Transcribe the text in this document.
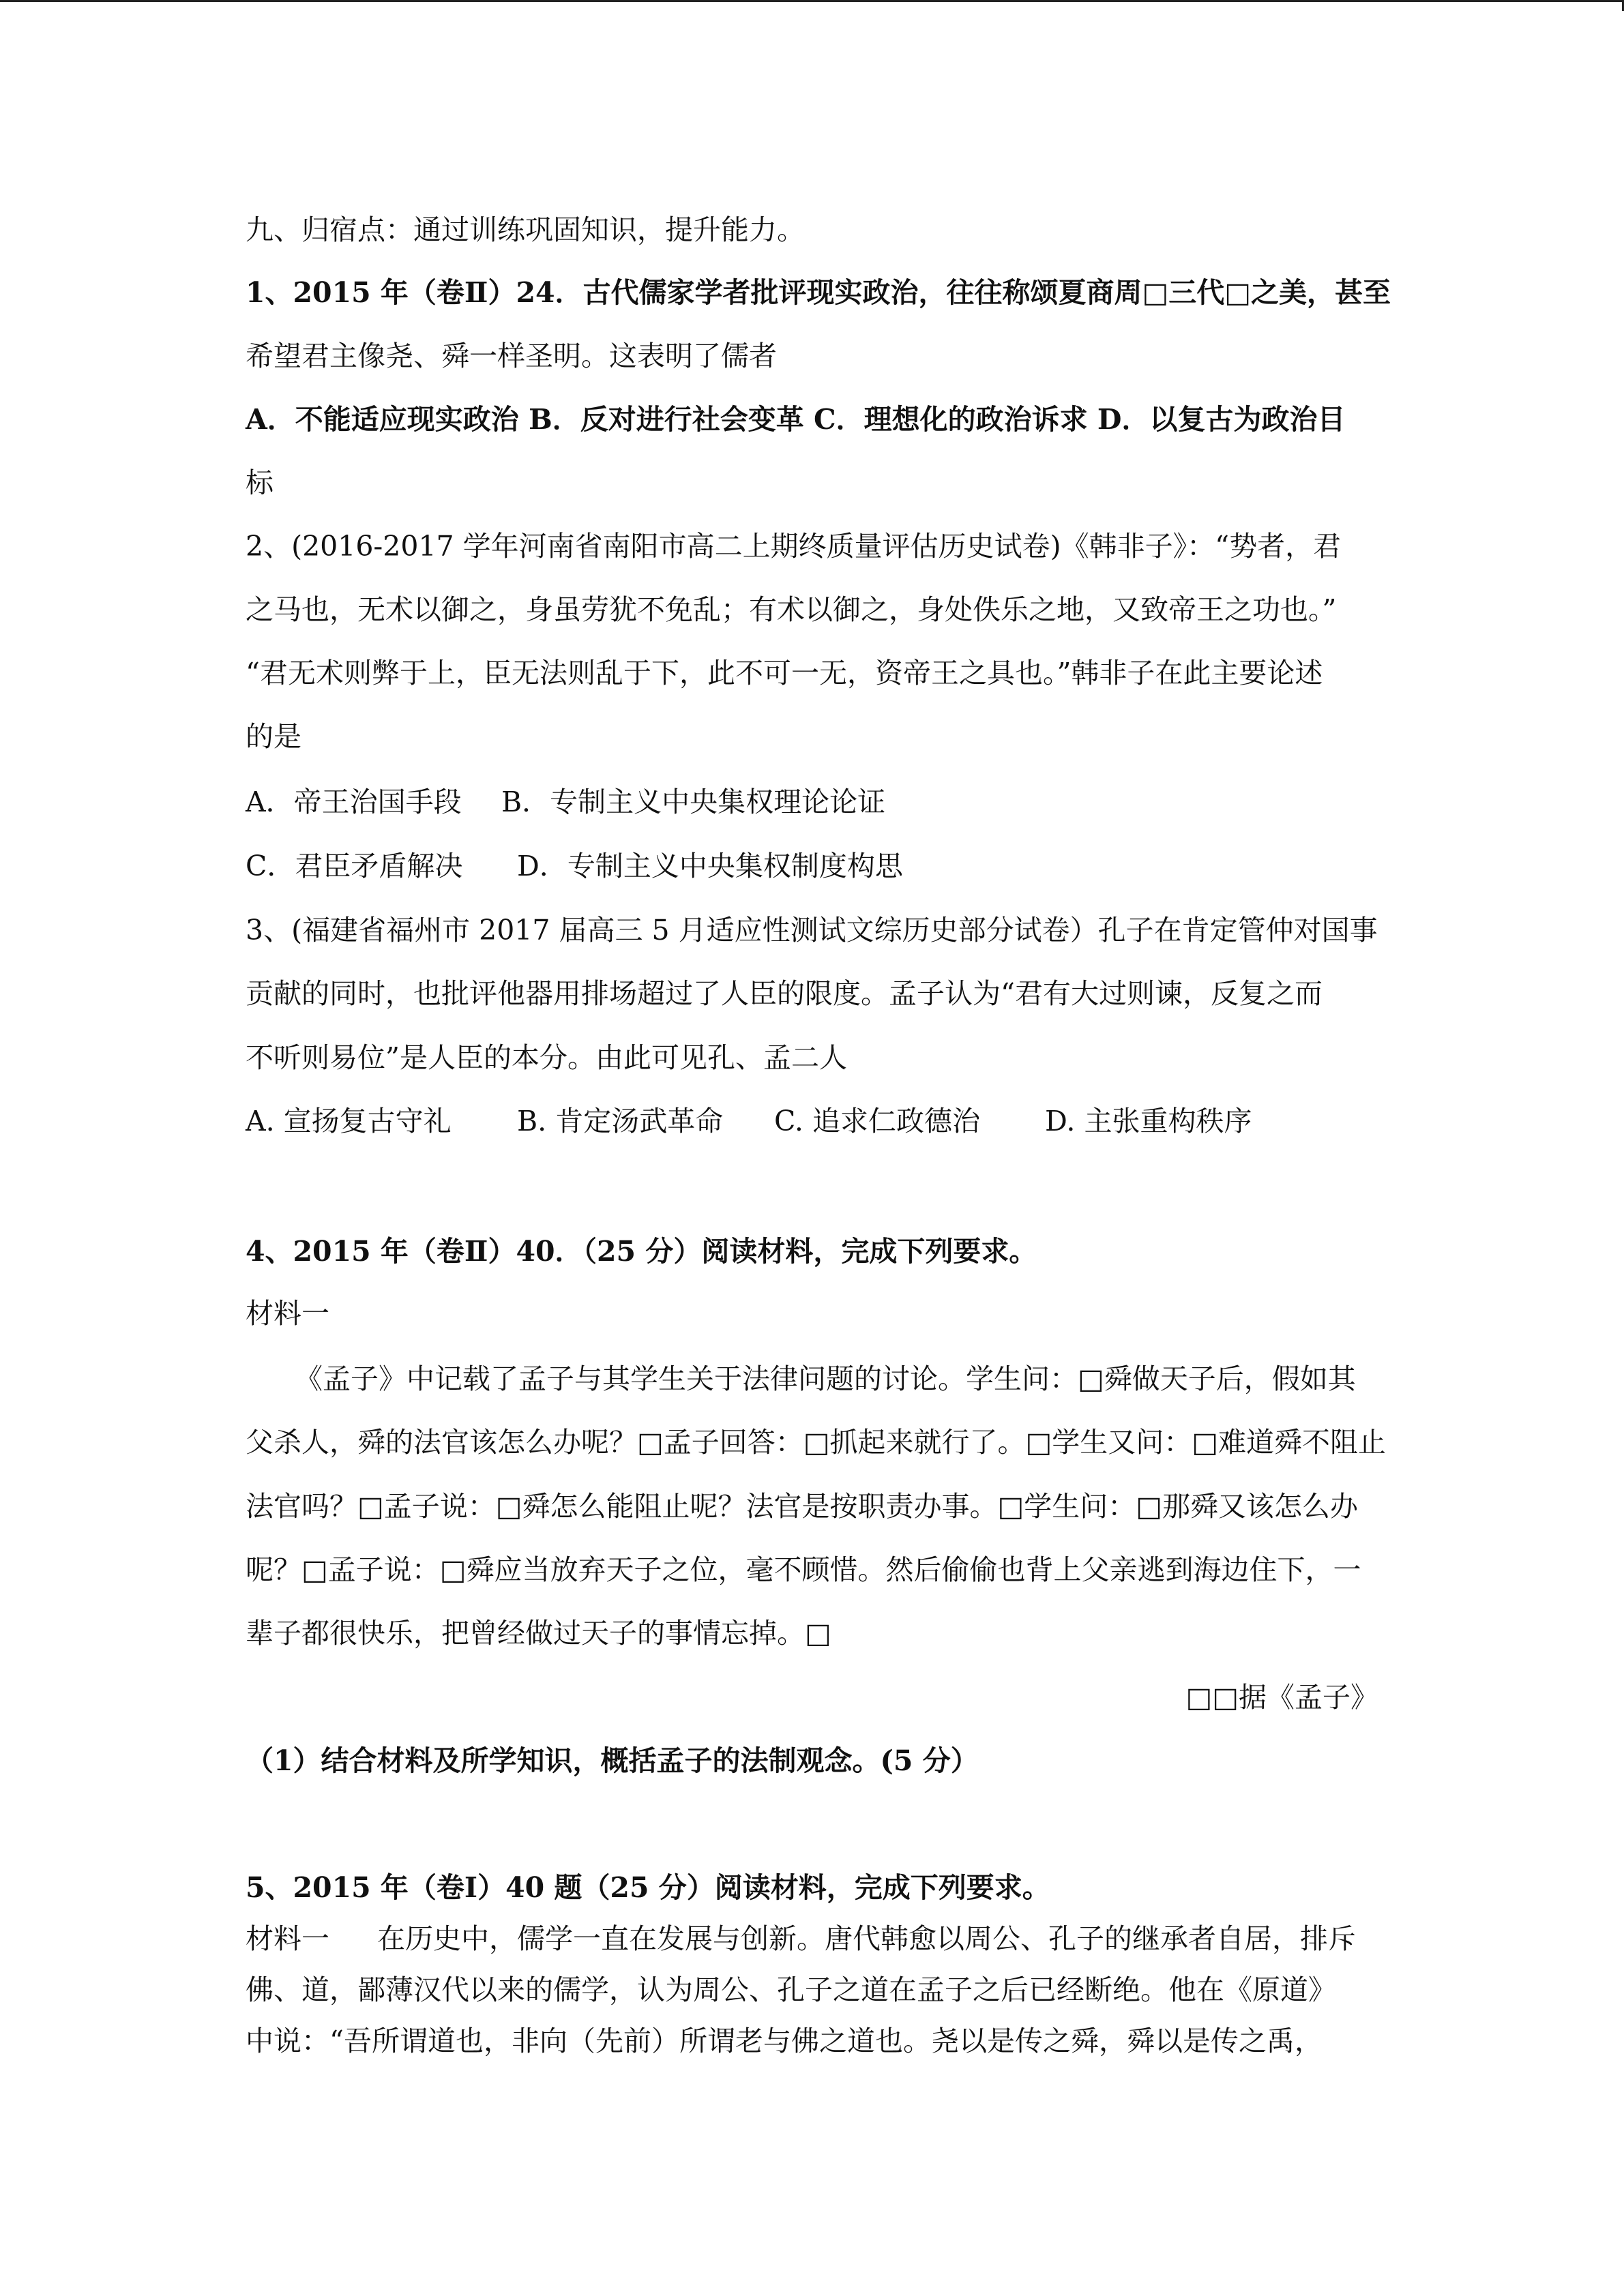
九、归宿点：通过训练巩固知识，提升能力。
1、2015 年（卷Ⅱ）24．古代儒家学者批评现实政治，往往称颂夏商周□三代□之美，甚至
希望君主像尧、舜一样圣明。这表明了儒者
A．不能适应现实政治 B．反对进行社会变革 C．理想化的政治诉求 D．以复古为政治目
标
2、(2016-2017 学年河南省南阳市高二上期终质量评估历史试卷)《韩非子》：“势者，君
之马也，无术以御之，身虽劳犹不免乱；有术以御之，身处佚乐之地，又致帝王之功也。”
“君无术则弊于上，臣无法则乱于下，此不可一无，资帝王之具也。”韩非子在此主要论述
的是
A．帝王治国手段 B．专制主义中央集权理论论证
C．君臣矛盾解决 D．专制主义中央集权制度构思
3、(福建省福州市 2017 届高三 5 月适应性测试文综历史部分试卷）孔子在肯定管仲对国事
贡献的同时，也批评他器用排场超过了人臣的限度。孟子认为“君有大过则谏，反复之而
不听则易位”是人臣的本分。由此可见孔、孟二人
A. 宣扬复古守礼 B. 肯定汤武革命 C. 追求仁政德治 D. 主张重构秩序
4、2015 年（卷Ⅱ）40．（25 分）阅读材料，完成下列要求。
材料一
《孟子》中记载了孟子与其学生关于法律问题的讨论。学生问：□舜做天子后，假如其
父杀人，舜的法官该怎么办呢？□孟子回答：□抓起来就行了。□学生又问：□难道舜不阻止
法官吗？□孟子说：□舜怎么能阻止呢？法官是按职责办事。□学生问：□那舜又该怎么办
呢？□孟子说：□舜应当放弃天子之位，毫不顾惜。然后偷偷也背上父亲逃到海边住下，一
辈子都很快乐，把曾经做过天子的事情忘掉。□
□□据《孟子》
（1）结合材料及所学知识，概括孟子的法制观念。(5 分）
5、2015 年（卷Ⅰ）40 题（25 分）阅读材料，完成下列要求。
材料一 在历史中，儒学一直在发展与创新。唐代韩愈以周公、孔子的继承者自居，排斥
佛、道，鄙薄汉代以来的儒学，认为周公、孔子之道在孟子之后已经断绝。他在《原道》
中说：“吾所谓道也，非向（先前）所谓老与佛之道也。尧以是传之舜，舜以是传之禹，
